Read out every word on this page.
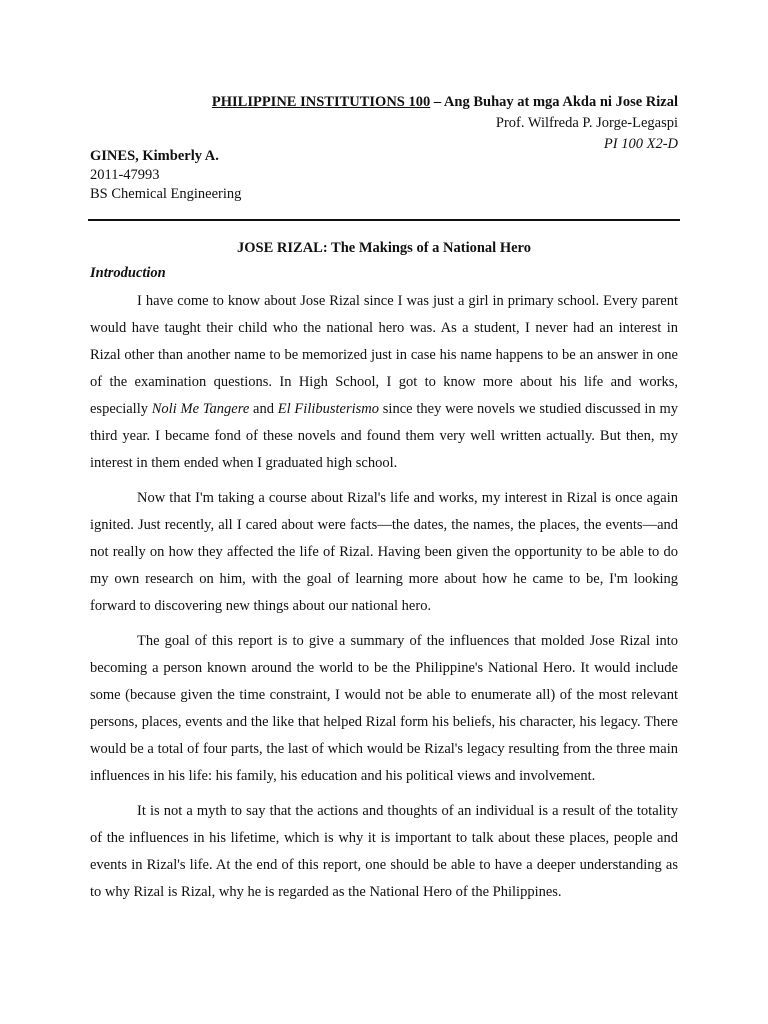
PHILIPPINE INSTITUTIONS 100 – Ang Buhay at mga Akda ni Jose Rizal
Prof. Wilfreda P. Jorge-Legaspi
PI 100 X2-D
GINES, Kimberly A.
2011-47993
BS Chemical Engineering
JOSE RIZAL: The Makings of a National Hero
Introduction

I have come to know about Jose Rizal since I was just a girl in primary school. Every parent would have taught their child who the national hero was. As a student, I never had an interest in Rizal other than another name to be memorized just in case his name happens to be an answer in one of the examination questions. In High School, I got to know more about his life and works, especially Noli Me Tangere and El Filibusterismo since they were novels we studied discussed in my third year. I became fond of these novels and found them very well written actually. But then, my interest in them ended when I graduated high school.

Now that I'm taking a course about Rizal's life and works, my interest in Rizal is once again ignited. Just recently, all I cared about were facts—the dates, the names, the places, the events—and not really on how they affected the life of Rizal. Having been given the opportunity to be able to do my own research on him, with the goal of learning more about how he came to be, I'm looking forward to discovering new things about our national hero.

The goal of this report is to give a summary of the influences that molded Jose Rizal into becoming a person known around the world to be the Philippine's National Hero. It would include some (because given the time constraint, I would not be able to enumerate all) of the most relevant persons, places, events and the like that helped Rizal form his beliefs, his character, his legacy. There would be a total of four parts, the last of which would be Rizal's legacy resulting from the three main influences in his life: his family, his education and his political views and involvement.

It is not a myth to say that the actions and thoughts of an individual is a result of the totality of the influences in his lifetime, which is why it is important to talk about these places, people and events in Rizal's life. At the end of this report, one should be able to have a deeper understanding as to why Rizal is Rizal, why he is regarded as the National Hero of the Philippines.
